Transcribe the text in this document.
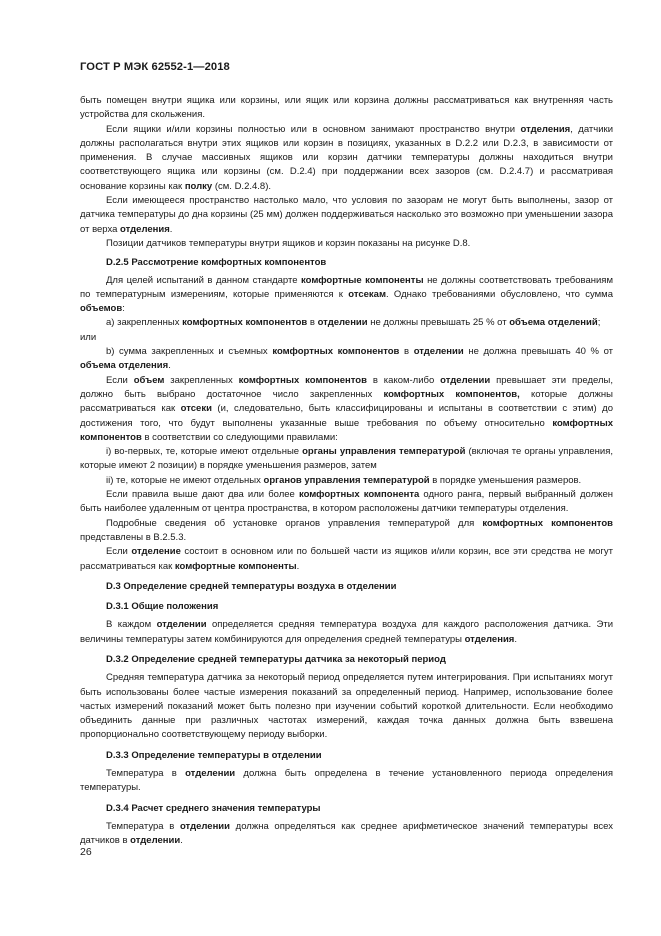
ГОСТ Р МЭК 62552-1—2018

быть помещен внутри ящика или корзины, или ящик или корзина должны рассматриваться как внутренняя часть устройства для скольжения.

Если ящики и/или корзины полностью или в основном занимают пространство внутри отделения, датчики должны располагаться внутри этих ящиков или корзин в позициях, указанных в D.2.2 или D.2.3, в зависимости от применения. В случае массивных ящиков или корзин датчики температуры должны находиться внутри соответствующего ящика или корзины (см. D.2.4) при поддержании всех зазоров (см. D.2.4.7) и рассматривая основание корзины как полку (см. D.2.4.8).

Если имеющееся пространство настолько мало, что условия по зазорам не могут быть выполнены, зазор от датчика температуры до дна корзины (25 мм) должен поддерживаться насколько это возможно при уменьшении зазора от верха отделения.

Позиции датчиков температуры внутри ящиков и корзин показаны на рисунке D.8.

D.2.5 Рассмотрение комфортных компонентов

Для целей испытаний в данном стандарте комфортные компоненты не должны соответствовать требованиям по температурным измерениям, которые применяются к отсекам. Однако требованиями обусловлено, что сумма объемов:

а) закрепленных комфортных компонентов в отделении не должны превышать 25 % от объема отделений;

или

b) сумма закрепленных и съемных комфортных компонентов в отделении не должна превышать 40 % от объема отделения.

Если объем закрепленных комфортных компонентов в каком-либо отделении превышает эти пределы, должно быть выбрано достаточное число закрепленных комфортных компонентов, которые должны рассматриваться как отсеки (и, следовательно, быть классифицированы и испытаны в соответствии с этим) до достижения того, что будут выполнены указанные выше требования по объему относительно комфортных компонентов в соответствии со следующими правилами:

i) во-первых, те, которые имеют отдельные органы управления температурой (включая те органы управления, которые имеют 2 позиции) в порядке уменьшения размеров, затем

ii) те, которые не имеют отдельных органов управления температурой в порядке уменьшения размеров.

Если правила выше дают два или более комфортных компонента одного ранга, первый выбранный должен быть наиболее удаленным от центра пространства, в котором расположены датчики температуры отделения.

Подробные сведения об установке органов управления температурой для комфортных компонентов представлены в В.2.5.3.

Если отделение состоит в основном или по большей части из ящиков и/или корзин, все эти средства не могут рассматриваться как комфортные компоненты.

D.3 Определение средней температуры воздуха в отделении

D.3.1 Общие положения

В каждом отделении определяется средняя температура воздуха для каждого расположения датчика. Эти величины температуры затем комбинируются для определения средней температуры отделения.

D.3.2 Определение средней температуры датчика за некоторый период

Средняя температура датчика за некоторый период определяется путем интегрирования. При испытаниях могут быть использованы более частые измерения показаний за определенный период. Например, использование более частых измерений показаний может быть полезно при изучении событий короткой длительности. Если необходимо объединить данные при различных частотах измерений, каждая точка данных должна быть взвешена пропорционально соответствующему периоду выборки.

D.3.3 Определение температуры в отделении

Температура в отделении должна быть определена в течение установленного периода определения температуры.

D.3.4 Расчет среднего значения температуры

Температура в отделении должна определяться как среднее арифметическое значений температуры всех датчиков в отделении.

26
